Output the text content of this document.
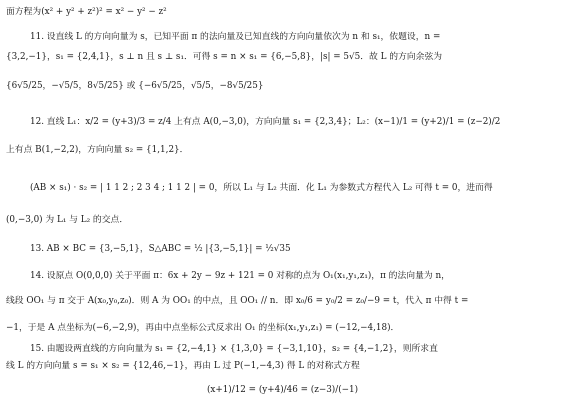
面方程为(x² + y² + z²)² = x² − y² − z²
11. 设直线 L 的方向向量为 s，已知平面 π 的法向量及已知直线的方向向量依次为 n 和 s₁，依题设，n =
{3,2,−1}，s₁ = {2,4,1}，s ⊥ n 且 s ⊥ s₁．可得 s = n × s₁ = {6,−5,8}，|s| = 5√5．故 L 的方向余弦为
{6√5/25，−√5/5，8√5/25} 或 {−6√5/25，√5/5，−8√5/25}
12. 直线 L₁：x/2 = (y+3)/3 = z/4 上有点 A(0,−3,0)，方向向量 s₁ = {2,3,4}；L₂：(x−1)/1 = (y+2)/1 = (z−2)/2
上有点 B(1,−2,2)，方向向量 s₂ = {1,1,2}．
(AB × s₁) · s₂ = | 1 1 2 ; 2 3 4 ; 1 1 2 | = 0，所以 L₁ 与 L₂ 共面．化 L₁ 为参数式方程代入 L₂ 可得 t = 0，进而得
(0,−3,0) 为 L₁ 与 L₂ 的交点．
13. AB × BC = {3,−5,1}，S△ABC = ½ |{3,−5,1}| = ½√35
14. 设原点 O(0,0,0) 关于平面 π：6x + 2y − 9z + 121 = 0 对称的点为 O₁(x₁,y₁,z₁)，π 的法向量为 n，
线段 OO₁ 与 π 交于 A(x₀,y₀,z₀)．则 A 为 OO₁ 的中点，且 OO₁ // n．即 x₀/6 = y₀/2 = z₀/−9 = t，代入 π 中得 t =
−1，于是 A 点坐标为(−6,−2,9)，再由中点坐标公式反求出 O₁ 的坐标(x₁,y₁,z₁) = (−12,−4,18)．
15. 由题设两直线的方向向量为 s₁ = {2,−4,1} × {1,3,0} = {−3,1,10}，s₂ = {4,−1,2}，则所求直
线 L 的方向向量 s = s₁ × s₂ = {12,46,−1}，再由 L 过 P(−1,−4,3) 得 L 的对称式方程
(x+1)/12 = (y+4)/46 = (z−3)/(−1)
